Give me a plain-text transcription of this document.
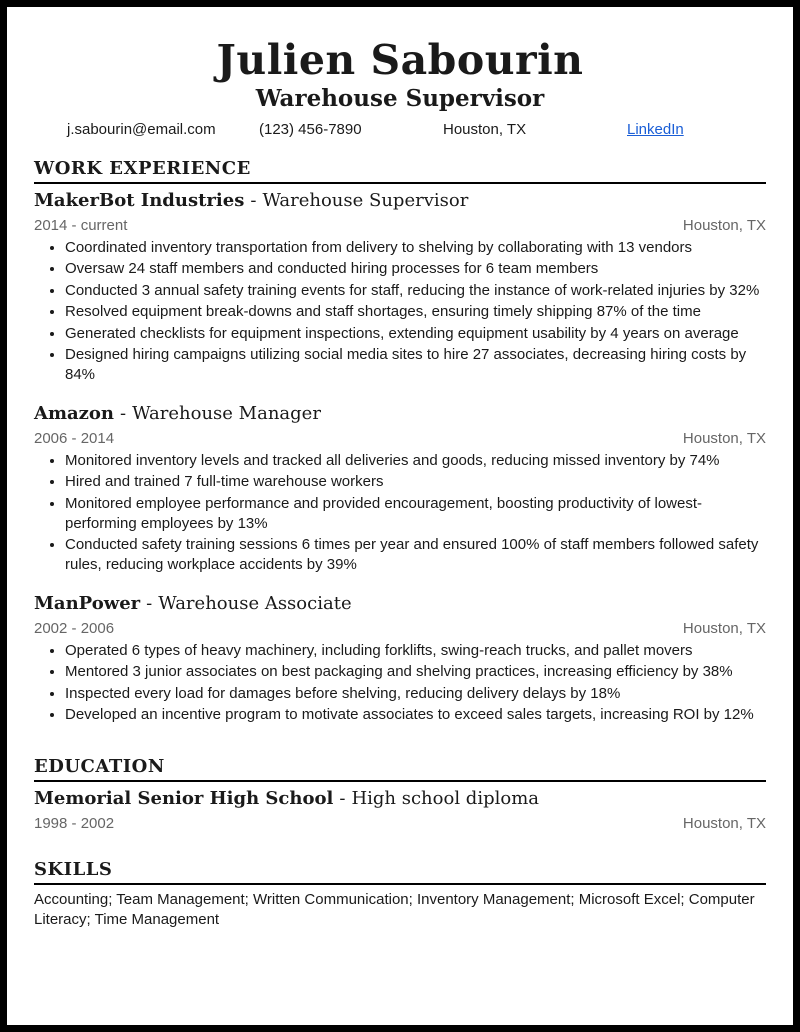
Julien Sabourin
Warehouse Supervisor
j.sabourin@email.com	(123) 456-7890	Houston, TX	LinkedIn
WORK EXPERIENCE
MakerBot Industries - Warehouse Supervisor
2014 - current	Houston, TX
• Coordinated inventory transportation from delivery to shelving by collaborating with 13 vendors
• Oversaw 24 staff members and conducted hiring processes for 6 team members
• Conducted 3 annual safety training events for staff, reducing the instance of work-related injuries by 32%
• Resolved equipment break-downs and staff shortages, ensuring timely shipping 87% of the time
• Generated checklists for equipment inspections, extending equipment usability by 4 years on average
• Designed hiring campaigns utilizing social media sites to hire 27 associates, decreasing hiring costs by 84%
Amazon - Warehouse Manager
2006 - 2014	Houston, TX
• Monitored inventory levels and tracked all deliveries and goods, reducing missed inventory by 74%
• Hired and trained 7 full-time warehouse workers
• Monitored employee performance and provided encouragement, boosting productivity of lowest-performing employees by 13%
• Conducted safety training sessions 6 times per year and ensured 100% of staff members followed safety rules, reducing workplace accidents by 39%
ManPower - Warehouse Associate
2002 - 2006	Houston, TX
• Operated 6 types of heavy machinery, including forklifts, swing-reach trucks, and pallet movers
• Mentored 3 junior associates on best packaging and shelving practices, increasing efficiency by 38%
• Inspected every load for damages before shelving, reducing delivery delays by 18%
• Developed an incentive program to motivate associates to exceed sales targets, increasing ROI by 12%
EDUCATION
Memorial Senior High School - High school diploma
1998 - 2002	Houston, TX
SKILLS
Accounting; Team Management; Written Communication; Inventory Management; Microsoft Excel; Computer Literacy; Time Management
